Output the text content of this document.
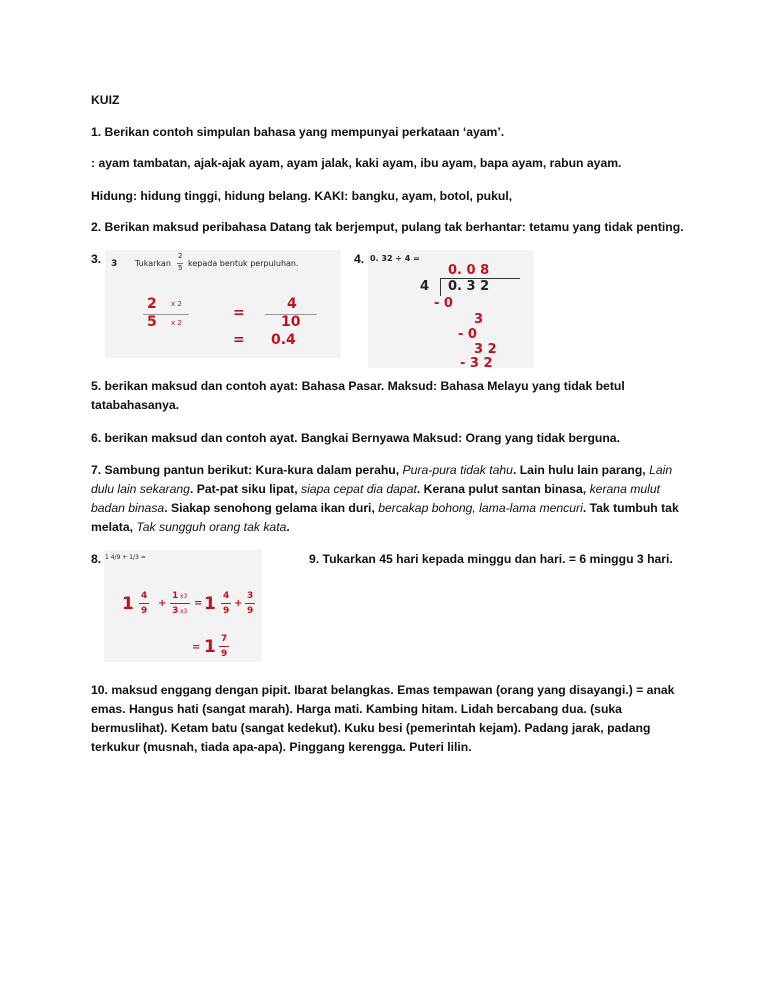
KUIZ
1. Berikan contoh simpulan bahasa yang mempunyai perkataan ‘ayam’.
: ayam tambatan, ajak-ajak ayam, ayam jalak, kaki ayam, ibu ayam, bapa ayam, rabun ayam.
Hidung: hidung tinggi, hidung belang. KAKI: bangku, ayam, botol, pukul,
2. Berikan maksud peribahasa Datang tak berjemput, pulang tak berhantar: tetamu yang tidak penting.
3. 3 Tukarkan
2
5 kepada bentuk perpuluhan.
2 x 2
5 x 2
=
4
10
= 0.4
4. 0. 32 ÷ 4 =
0. 0 8
4 0. 3 2
- 0
3
- 0
3 2
- 3 2
5. berikan maksud dan contoh ayat: Bahasa Pasar. Maksud: Bahasa Melayu yang tidak betul
tatabahasanya.
6. berikan maksud dan contoh ayat. Bangkai Bernyawa Maksud: Orang yang tidak berguna.
7. Sambung pantun berikut: Kura-kura dalam perahu, Pura-pura tidak tahu. Lain hulu lain parang, Lain
dulu lain sekarang. Pat-pat siku lipat, siapa cepat dia dapat. Kerana pulut santan binasa, kerana mulut
badan binasa. Siakap senohong gelama ikan duri, bercakap bohong, lama-lama mencuri. Tak tumbuh tak
melata, Tak sungguh orang tak kata.
8. 1 4/9 + 1/3 =
1 4
9
+
1 x3
3 x3
= 1 4
9
+
3
9
= 1 7
9
9. Tukarkan 45 hari kepada minggu dan hari. = 6 minggu 3 hari.
10. maksud enggang dengan pipit. Ibarat belangkas. Emas tempawan (orang yang disayangi.) = anak
emas. Hangus hati (sangat marah). Harga mati. Kambing hitam. Lidah bercabang dua. (suka
bermuslihat). Ketam batu (sangat kedekut). Kuku besi (pemerintah kejam). Padang jarak, padang
terkukur (musnah, tiada apa-apa). Pinggang kerengga. Puteri lilin.
